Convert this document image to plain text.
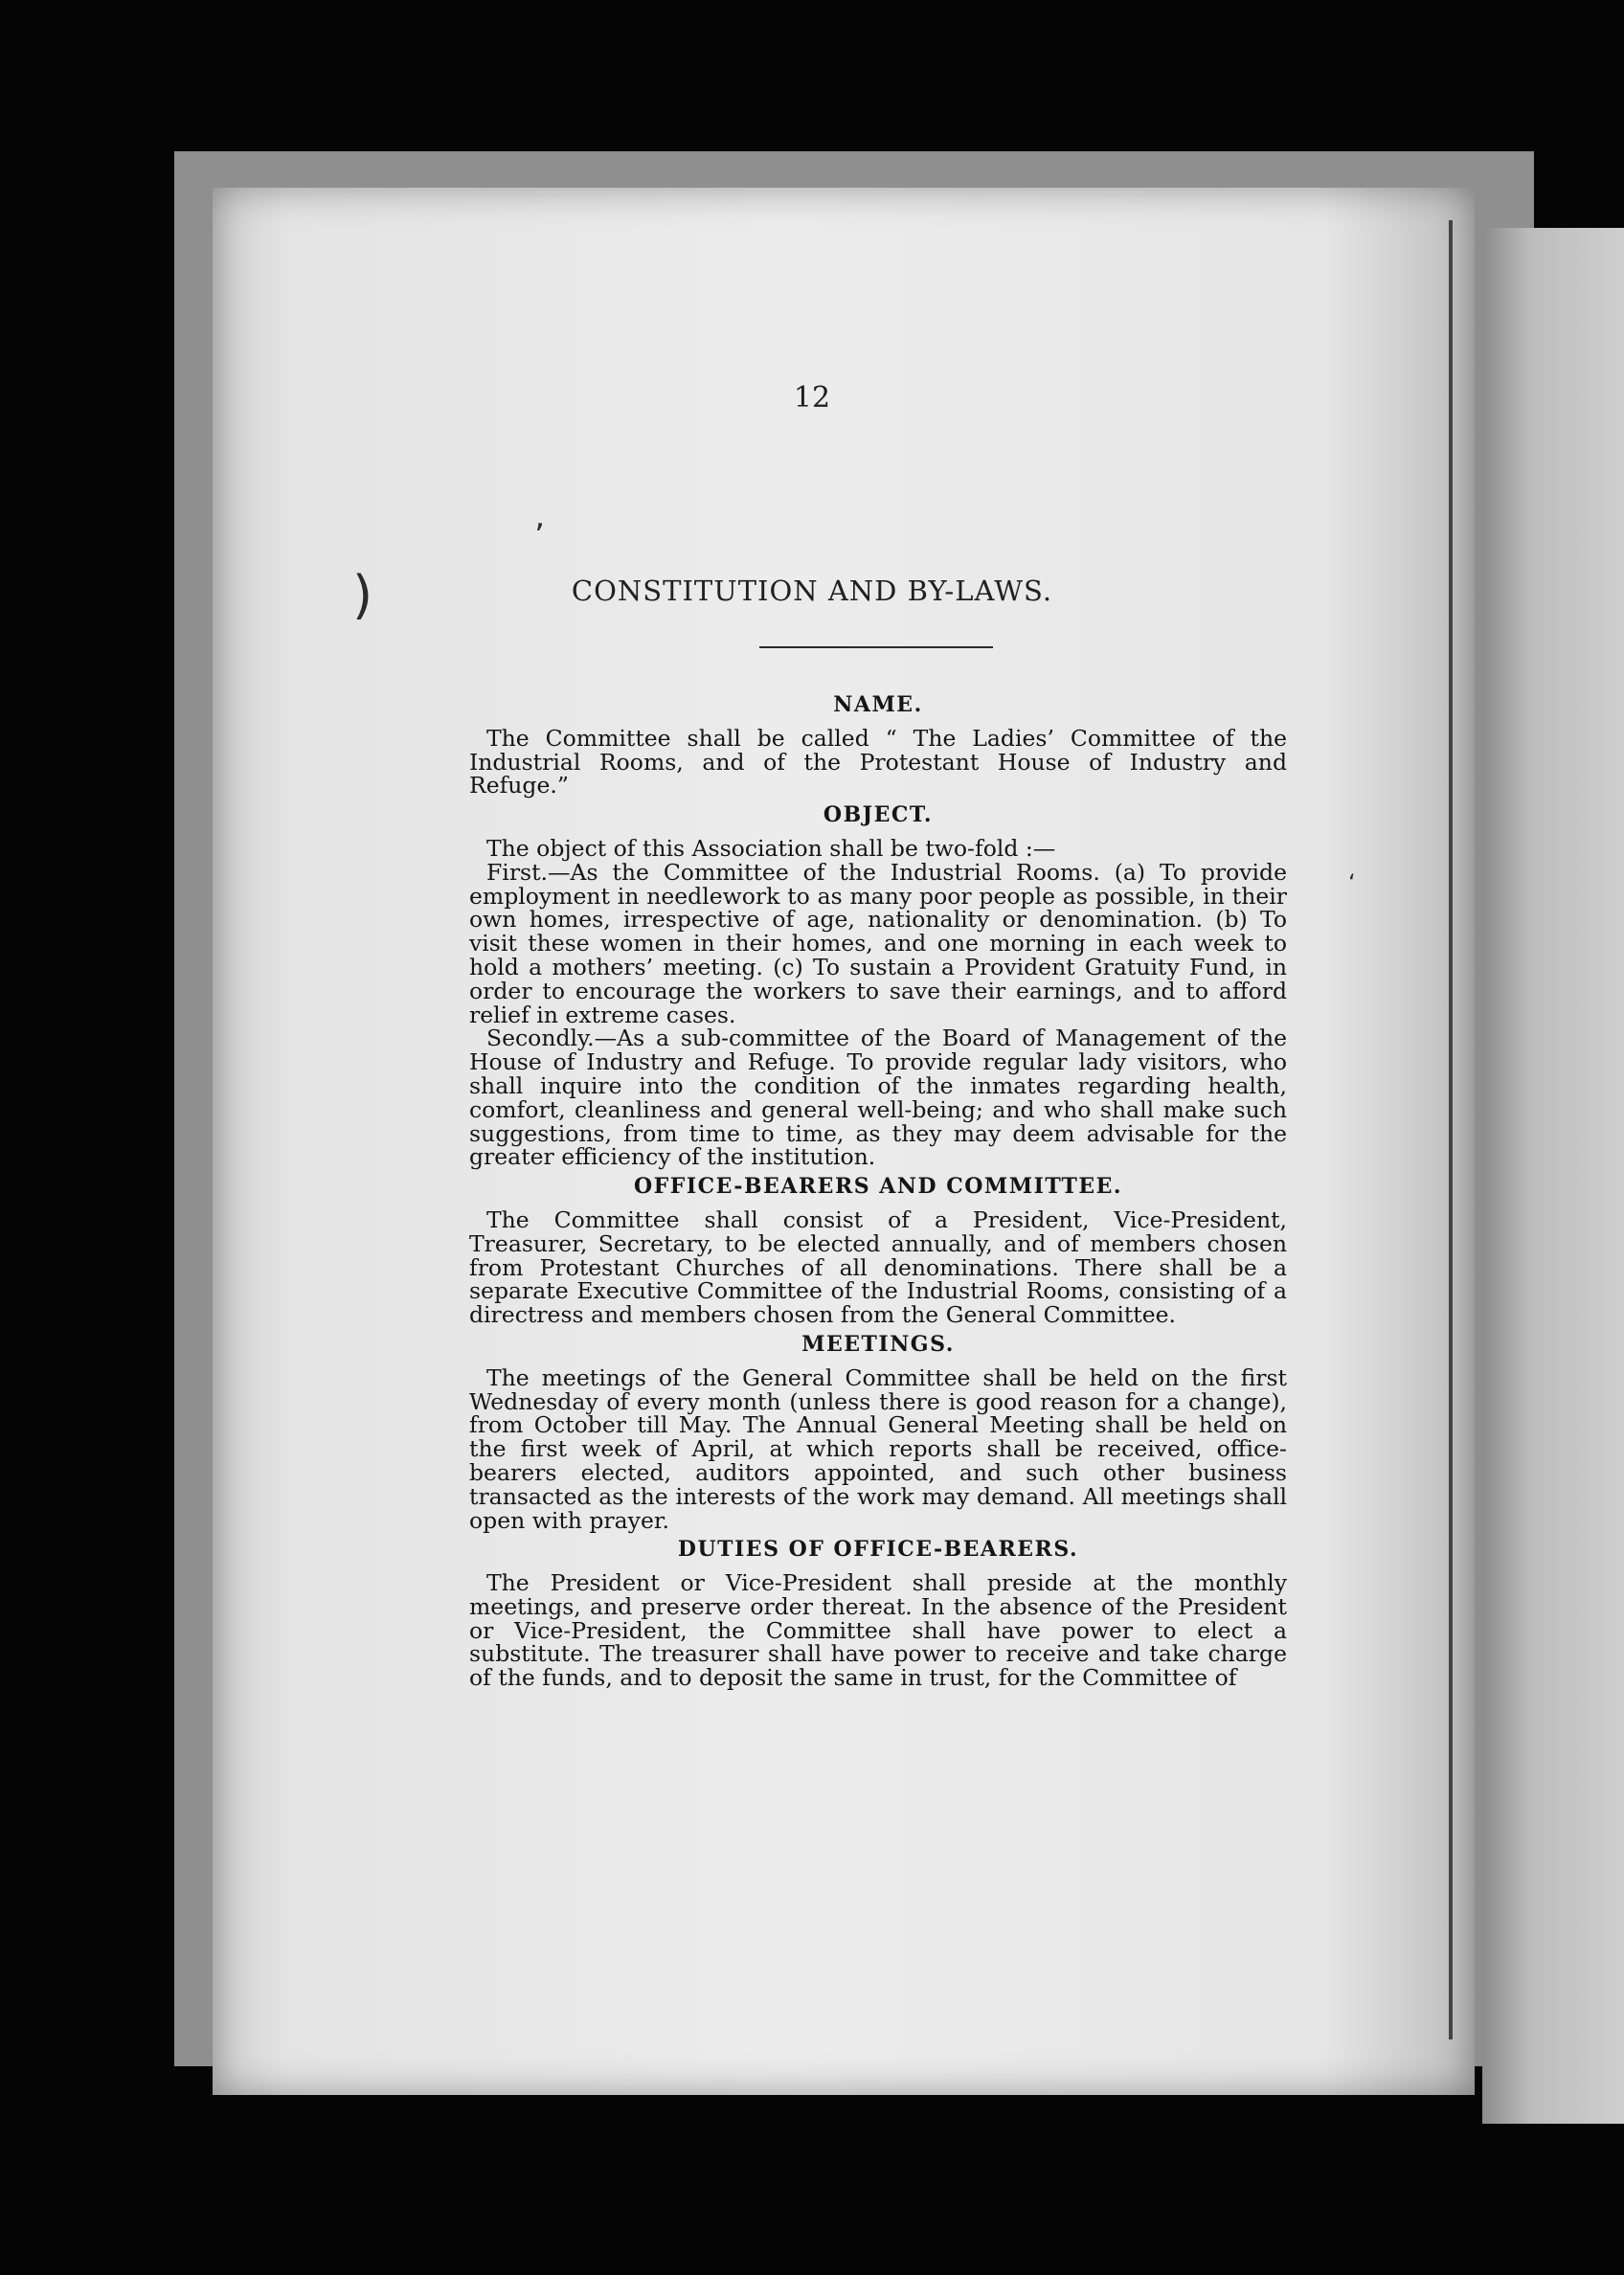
12
CONSTITUTION AND BY-LAWS.
NAME.

The Committee shall be called “ The Ladies’ Committee of the Industrial Rooms, and of the Protestant House of Industry and Refuge.”

OBJECT.

The object of this Association shall be two-fold :—

First.—As the Committee of the Industrial Rooms. (a) To provide employment in needlework to as many poor people as possible, in their own homes, irrespective of age, nationality or denomination. (b) To visit these women in their homes, and one morning in each week to hold a mothers’ meeting. (c) To sustain a Provident Gratuity Fund, in order to encourage the workers to save their earnings, and to afford relief in extreme cases.

Secondly.—As a sub-committee of the Board of Management of the House of Industry and Refuge. To provide regular lady visitors, who shall inquire into the condition of the inmates regarding health, comfort, cleanliness and general well-being; and who shall make such suggestions, from time to time, as they may deem advisable for the greater efficiency of the institution.

OFFICE-BEARERS AND COMMITTEE.

The Committee shall consist of a President, Vice-President, Treasurer, Secretary, to be elected annually, and of members chosen from Protestant Churches of all denominations. There shall be a separate Executive Committee of the Industrial Rooms, consisting of a directress and members chosen from the General Committee.

MEETINGS.

The meetings of the General Committee shall be held on the first Wednesday of every month (unless there is good reason for a change), from October till May. The Annual General Meeting shall be held on the first week of April, at which reports shall be received, office-bearers elected, auditors appointed, and such other business transacted as the interests of the work may demand. All meetings shall open with prayer.

DUTIES OF OFFICE-BEARERS.

The President or Vice-President shall preside at the monthly meetings, and preserve order thereat. In the absence of the President or Vice-President, the Committee shall have power to elect a substitute. The treasurer shall have power to receive and take charge of the funds, and to deposit the same in trust, for the Committee of

’
)
‘
